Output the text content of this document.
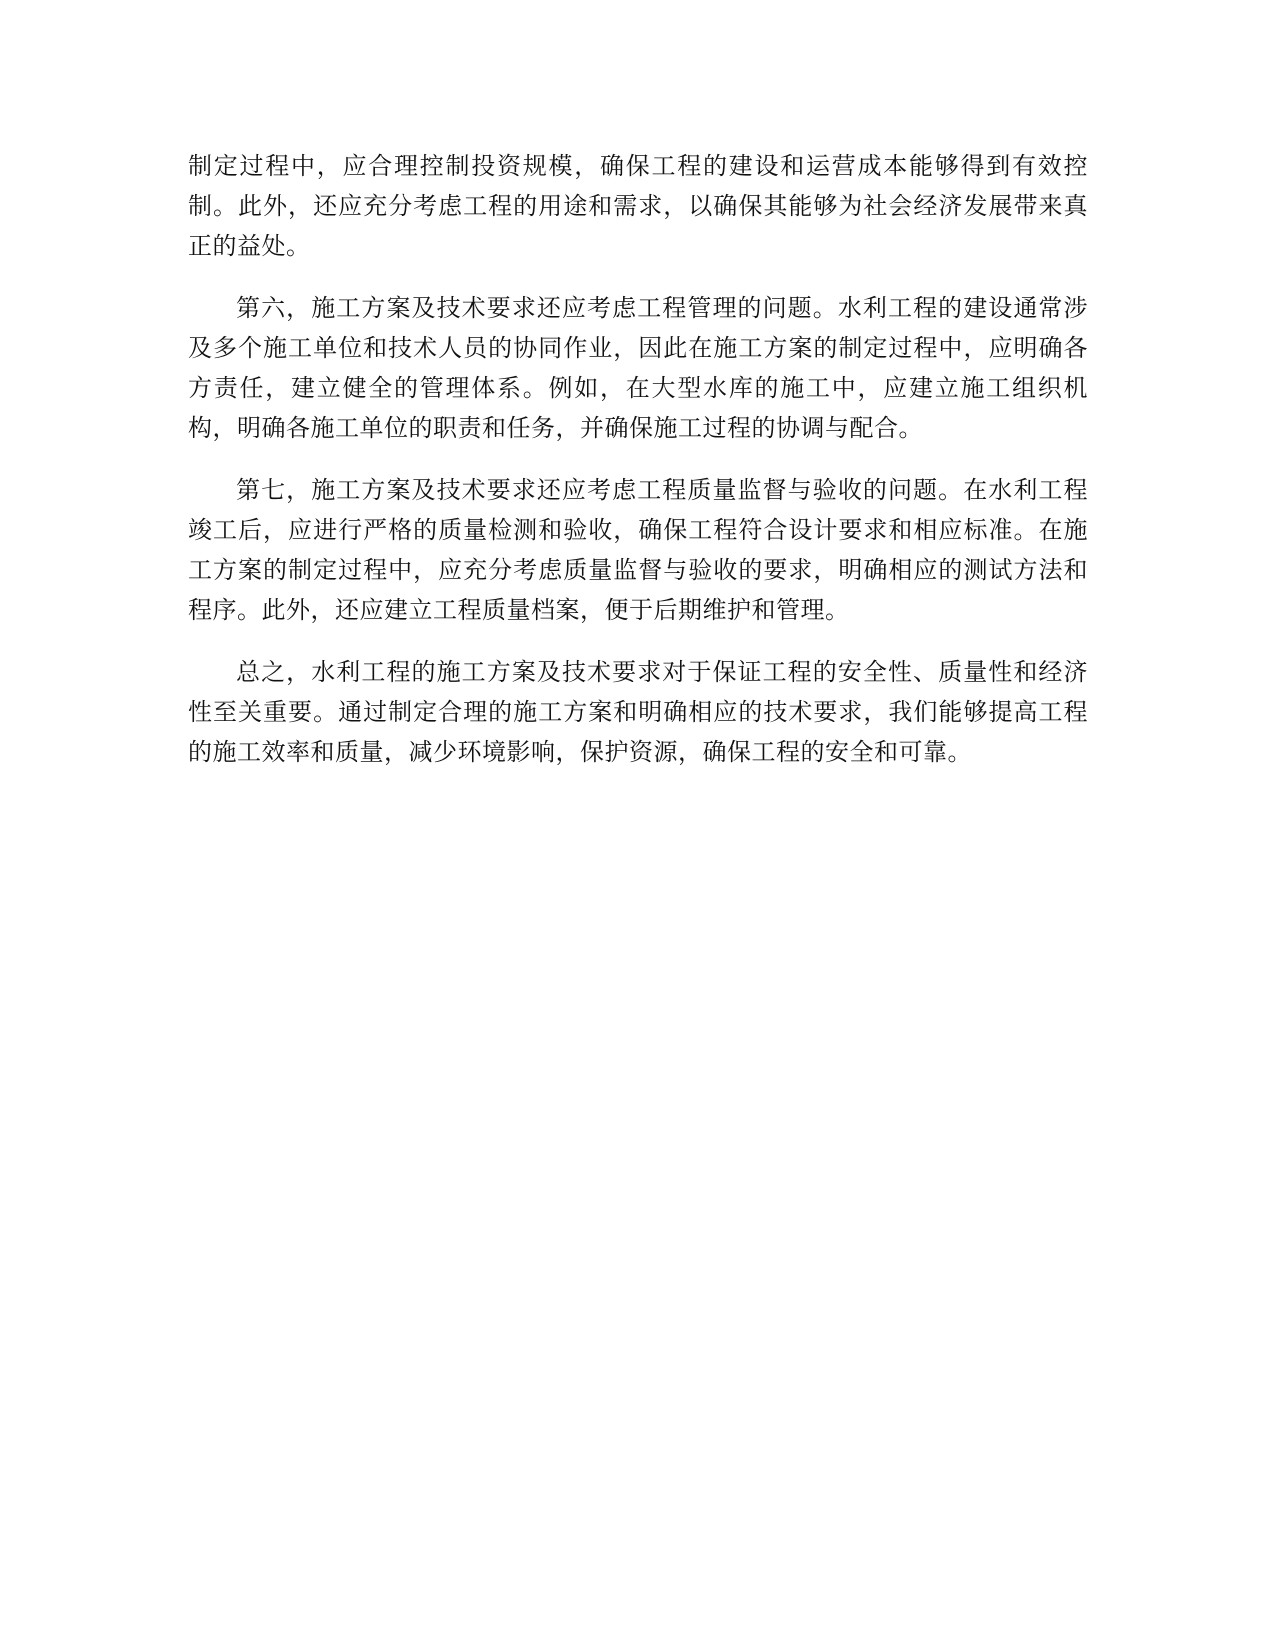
制定过程中，应合理控制投资规模，确保工程的建设和运营成本能够得到有效控制。此外，还应充分考虑工程的用途和需求，以确保其能够为社会经济发展带来真正的益处。

第六，施工方案及技术要求还应考虑工程管理的问题。水利工程的建设通常涉及多个施工单位和技术人员的协同作业，因此在施工方案的制定过程中，应明确各方责任，建立健全的管理体系。例如，在大型水库的施工中，应建立施工组织机构，明确各施工单位的职责和任务，并确保施工过程的协调与配合。

第七，施工方案及技术要求还应考虑工程质量监督与验收的问题。在水利工程竣工后，应进行严格的质量检测和验收，确保工程符合设计要求和相应标准。在施工方案的制定过程中，应充分考虑质量监督与验收的要求，明确相应的测试方法和程序。此外，还应建立工程质量档案，便于后期维护和管理。

总之，水利工程的施工方案及技术要求对于保证工程的安全性、质量性和经济性至关重要。通过制定合理的施工方案和明确相应的技术要求，我们能够提高工程的施工效率和质量，减少环境影响，保护资源，确保工程的安全和可靠。
